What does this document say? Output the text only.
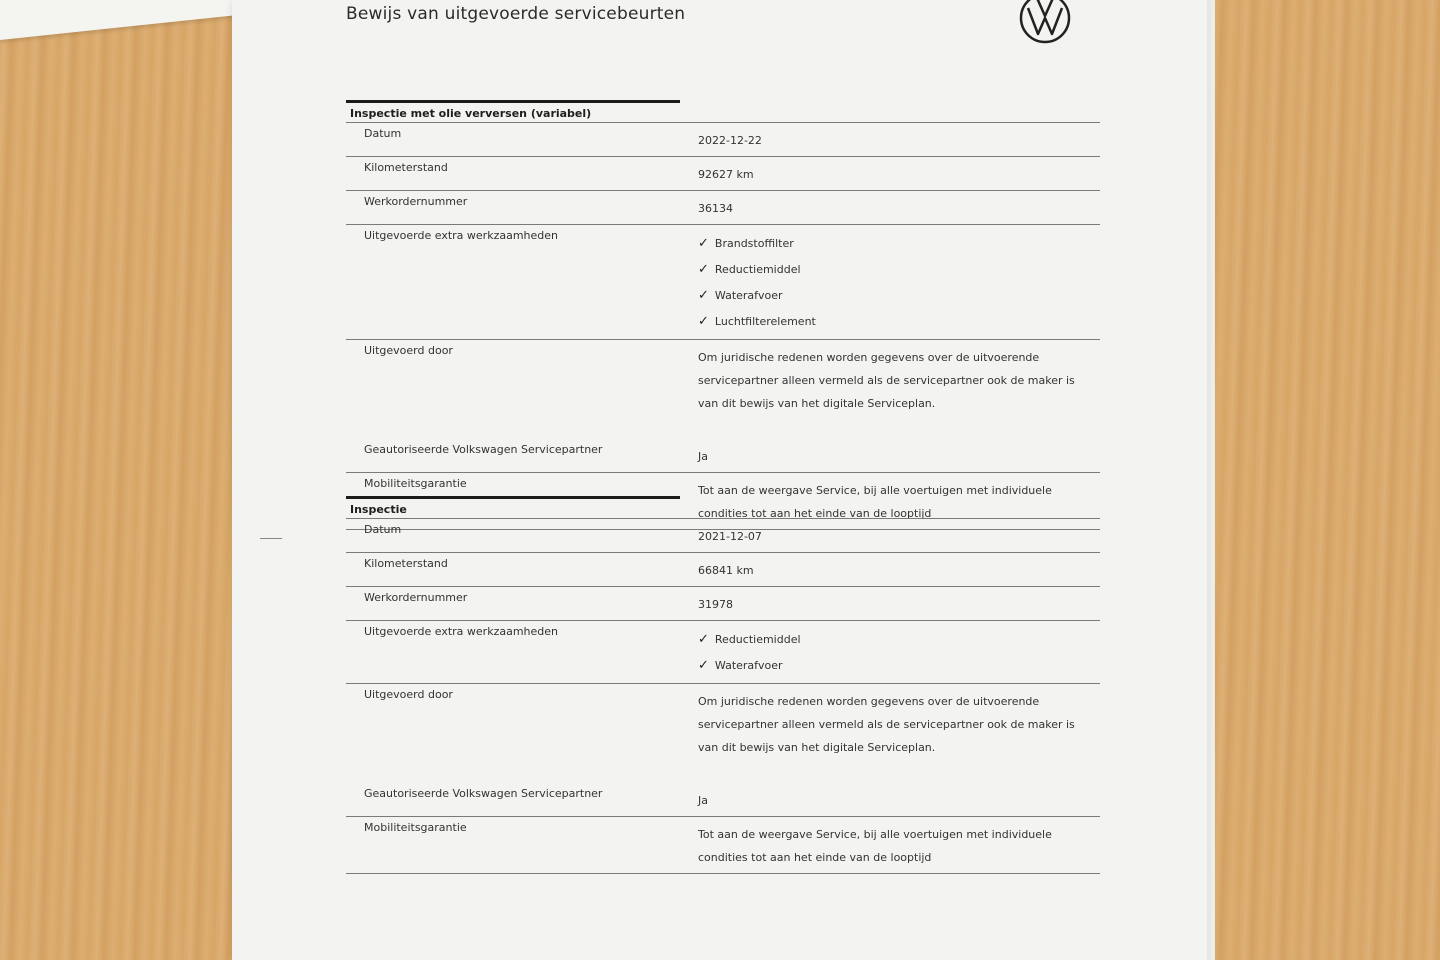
Bewijs van uitgevoerde servicebeurten
Inspectie met olie verversen (variabel)
Datum
2022-12-22
Kilometerstand
92627 km
Werkordernummer
36134
Uitgevoerde extra werkzaamheden
✓ Brandstoffilter
✓ Reductiemiddel
✓ Waterafvoer
✓ Luchtfilterelement
Uitgevoerd door
Om juridische redenen worden gegevens over de uitvoerende servicepartner alleen vermeld als de servicepartner ook de maker is van dit bewijs van het digitale Serviceplan.
Geautoriseerde Volkswagen Servicepartner
Ja
Mobiliteitsgarantie
Tot aan de weergave Service, bij alle voertuigen met individuele condities tot aan het einde van de looptijd
Inspectie
Datum
2021-12-07
Kilometerstand
66841 km
Werkordernummer
31978
Uitgevoerde extra werkzaamheden
✓ Reductiemiddel
✓ Waterafvoer
Uitgevoerd door
Om juridische redenen worden gegevens over de uitvoerende servicepartner alleen vermeld als de servicepartner ook de maker is van dit bewijs van het digitale Serviceplan.
Geautoriseerde Volkswagen Servicepartner
Ja
Mobiliteitsgarantie
Tot aan de weergave Service, bij alle voertuigen met individuele condities tot aan het einde van de looptijd
